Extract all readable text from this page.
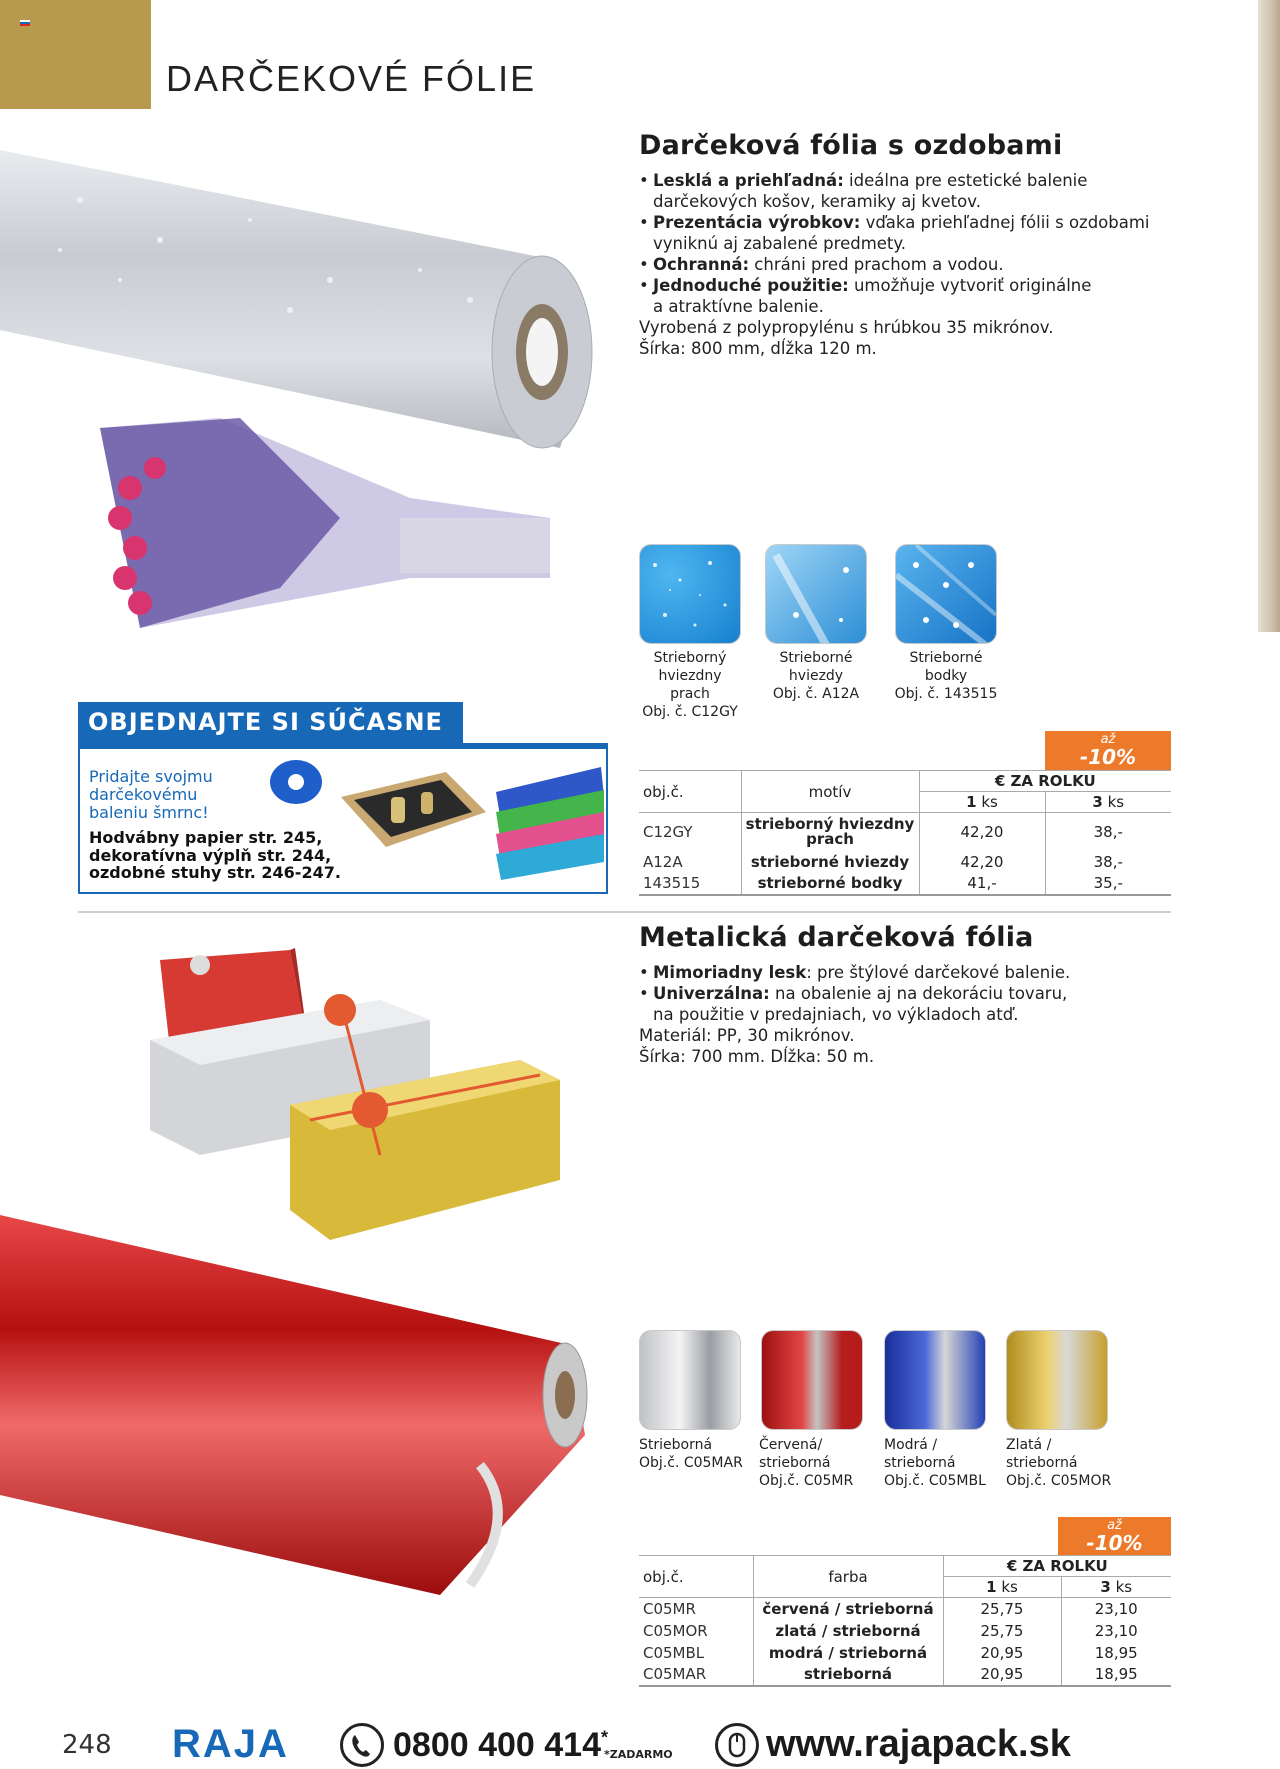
DARČEKOVÉ FÓLIE
Darčeková fólia s ozdobami
• Lesklá a priehľadná: ideálna pre estetické balenie
darčekových košov, keramiky aj kvetov.
• Prezentácia výrobkov: vďaka priehľadnej fólii s ozdobami
vyniknú aj zabalené predmety.
• Ochranná: chráni pred prachom a vodou.
• Jednoduché použitie: umožňuje vytvoriť originálne
a atraktívne balenie.
Vyrobená z polypropylénu s hrúbkou 35 mikrónov.
Šírka: 800 mm, dĺžka 120 m.
Strieborný
hviezdny
prach
Obj. č. C12GY
Strieborné
hviezdy
Obj. č. A12A
Strieborné
bodky
Obj. č. 143515
až
-10%
obj.č.	motív	€ ZA ROLKU	
		1 ks	3 ks
C12GY	strieborný hviezdny prach	42,20	38,-
A12A	strieborné hviezdy	42,20	38,-
143515	strieborné bodky	41,-	35,-
OBJEDNAJTE SI SÚČASNE
Pridajte svojmu
darčekovému
baleniu šmrnc!
Hodvábny papier str. 245,
dekoratívna výplň str. 244,
ozdobné stuhy str. 246-247.
Metalická darčeková fólia
• Mimoriadny lesk: pre štýlové darčekové balenie.
• Univerzálna: na obalenie aj na dekoráciu tovaru,
na použitie v predajniach, vo výkladoch atď.
Materiál: PP, 30 mikrónov.
Šírka: 700 mm. Dĺžka: 50 m.
Strieborná
Obj.č. C05MAR
Červená/
strieborná
Obj.č. C05MR
Modrá /
strieborná
Obj.č. C05MBL
Zlatá /
strieborná
Obj.č. C05MOR
až
-10%
obj.č.	farba	€ ZA ROLKU	
		1 ks	3 ks
C05MR	červená / strieborná	25,75	23,10
C05MOR	zlatá / strieborná	25,75	23,10
C05MBL	modrá / strieborná	20,95	18,95
C05MAR	strieborná	20,95	18,95
248 RAJA	0800 400 414*
*ZADARMO www.rajapack.sk
